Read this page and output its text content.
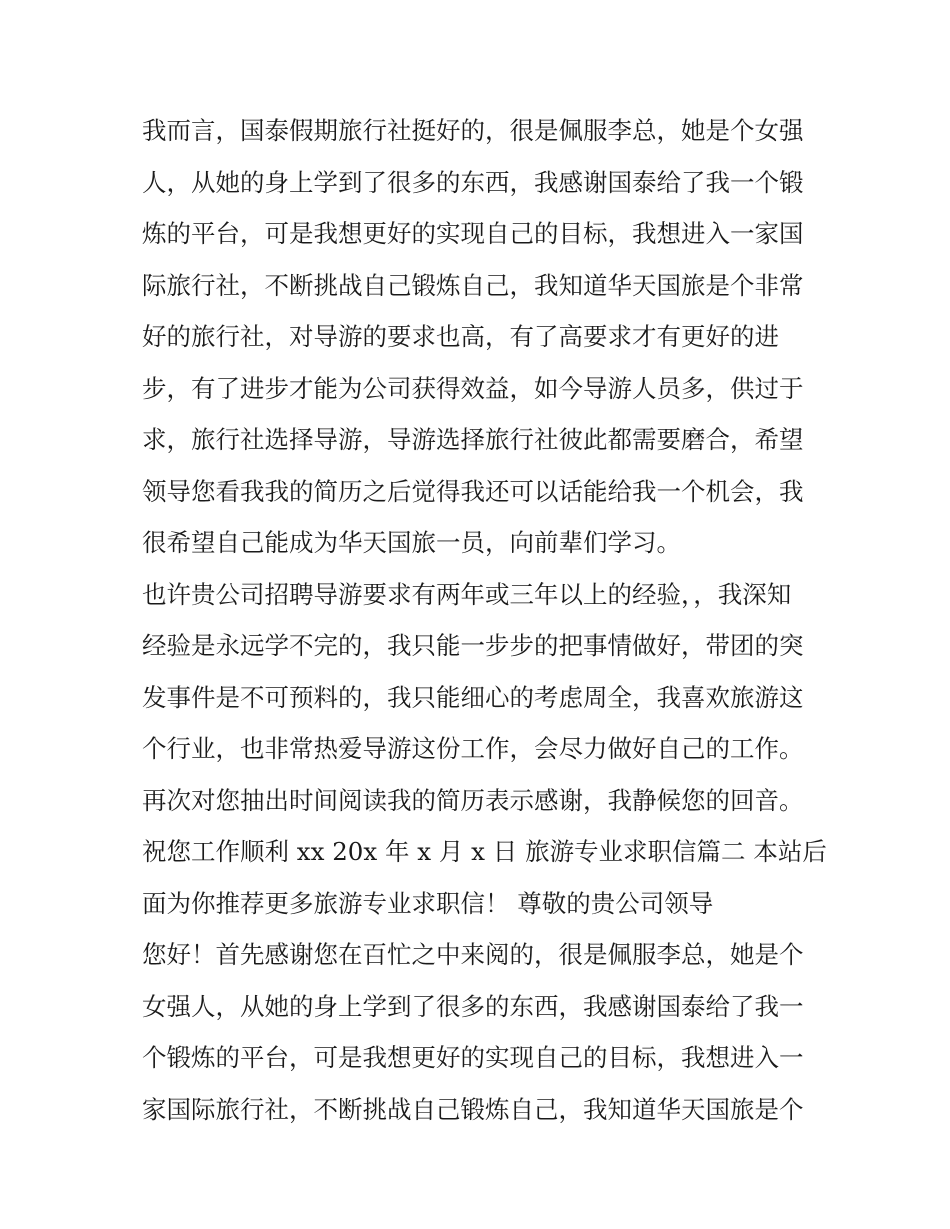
我而言，国泰假期旅行社挺好的，很是佩服李总，她是个女强
人，从她的身上学到了很多的东西，我感谢国泰给了我一个锻
炼的平台，可是我想更好的实现自己的目标，我想进入一家国
际旅行社，不断挑战自己锻炼自己，我知道华天国旅是个非常
好的旅行社，对导游的要求也高，有了高要求才有更好的进
步，有了进步才能为公司获得效益，如今导游人员多，供过于
求，旅行社选择导游，导游选择旅行社彼此都需要磨合，希望
领导您看我我的简历之后觉得我还可以话能给我一个机会，我
很希望自己能成为华天国旅一员，向前辈们学习。
也许贵公司招聘导游要求有两年或三年以上的经验，，我深知
经验是永远学不完的，我只能一步步的把事情做好，带团的突
发事件是不可预料的，我只能细心的考虑周全，我喜欢旅游这
个行业，也非常热爱导游这份工作，会尽力做好自己的工作。
再次对您抽出时间阅读我的简历表示感谢，我静候您的回音。
祝您工作顺利 xx 20x 年 x 月 x 日 旅游专业求职信篇二 本站后
面为你推荐更多旅游专业求职信！ 尊敬的贵公司领导
您好！首先感谢您在百忙之中来阅的，很是佩服李总，她是个
女强人，从她的身上学到了很多的东西，我感谢国泰给了我一
个锻炼的平台，可是我想更好的实现自己的目标，我想进入一
家国际旅行社，不断挑战自己锻炼自己，我知道华天国旅是个
